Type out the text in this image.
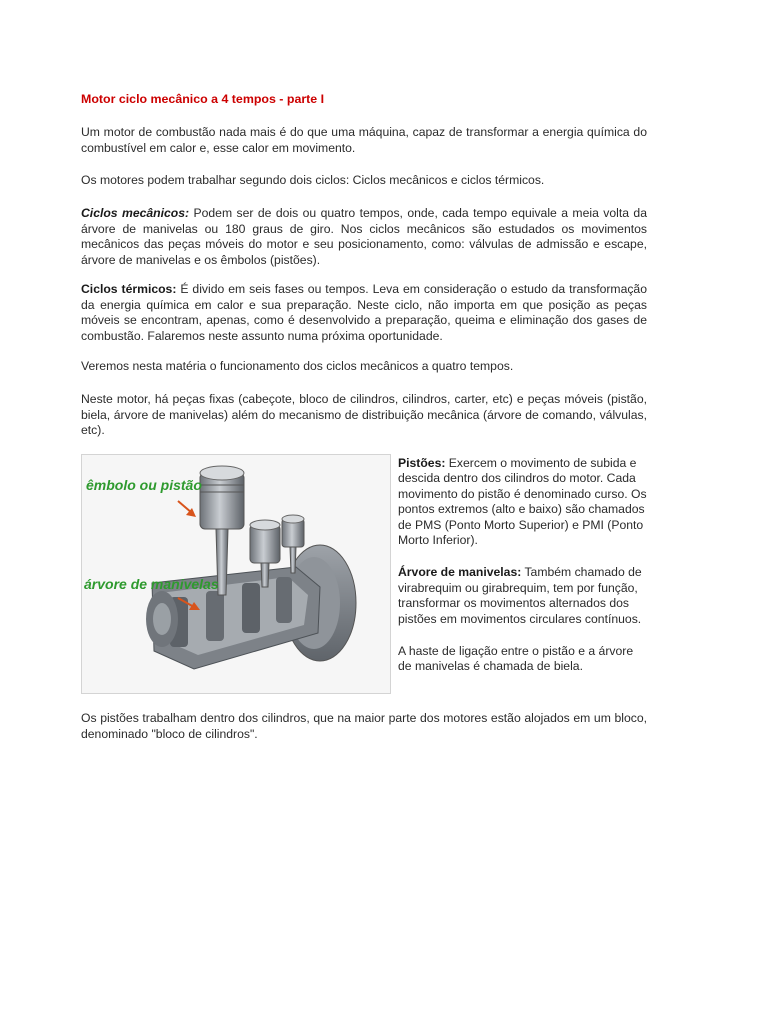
Motor ciclo mecânico a 4 tempos - parte I

Um motor de combustão nada mais é do que uma máquina, capaz de transformar a energia química do combustível em calor e, esse calor em movimento.

Os motores podem trabalhar segundo dois ciclos: Ciclos mecânicos e ciclos térmicos.

Ciclos mecânicos: Podem ser de dois ou quatro tempos, onde, cada tempo equivale a meia volta da árvore de manivelas ou 180 graus de giro. Nos ciclos mecânicos são estudados os movimentos mecânicos das peças móveis do motor e seu posicionamento, como: válvulas de admissão e escape, árvore de manivelas e os êmbolos (pistões).

Ciclos térmicos: É divido em seis fases ou tempos. Leva em consideração o estudo da transformação da energia química em calor e sua preparação. Neste ciclo, não importa em que posição as peças móveis se encontram, apenas, como é desenvolvido a preparação, queima e eliminação dos gases de combustão. Falaremos neste assunto numa próxima oportunidade.

Veremos nesta matéria o funcionamento dos ciclos mecânicos a quatro tempos.

Neste motor, há peças fixas (cabeçote, bloco de cilindros, cilindros, carter, etc) e peças móveis (pistão, biela, árvore de manivelas) além do mecanismo de distribuição mecânica (árvore de comando, válvulas, etc).

êmbolo ou pistão
árvore de manivelas

Pistões: Exercem o movimento de subida e descida dentro dos cilindros do motor. Cada movimento do pistão é denominado curso. Os pontos extremos (alto e baixo) são chamados de PMS (Ponto Morto Superior) e PMI (Ponto Morto Inferior).

Árvore de manivelas: Também chamado de virabrequim ou girabrequim, tem por função, transformar os movimentos alternados dos pistões em movimentos circulares contínuos.

A haste de ligação entre o pistão e a árvore de manivelas é chamada de biela.

Os pistões trabalham dentro dos cilindros, que na maior parte dos motores estão alojados em um bloco, denominado "bloco de cilindros".
